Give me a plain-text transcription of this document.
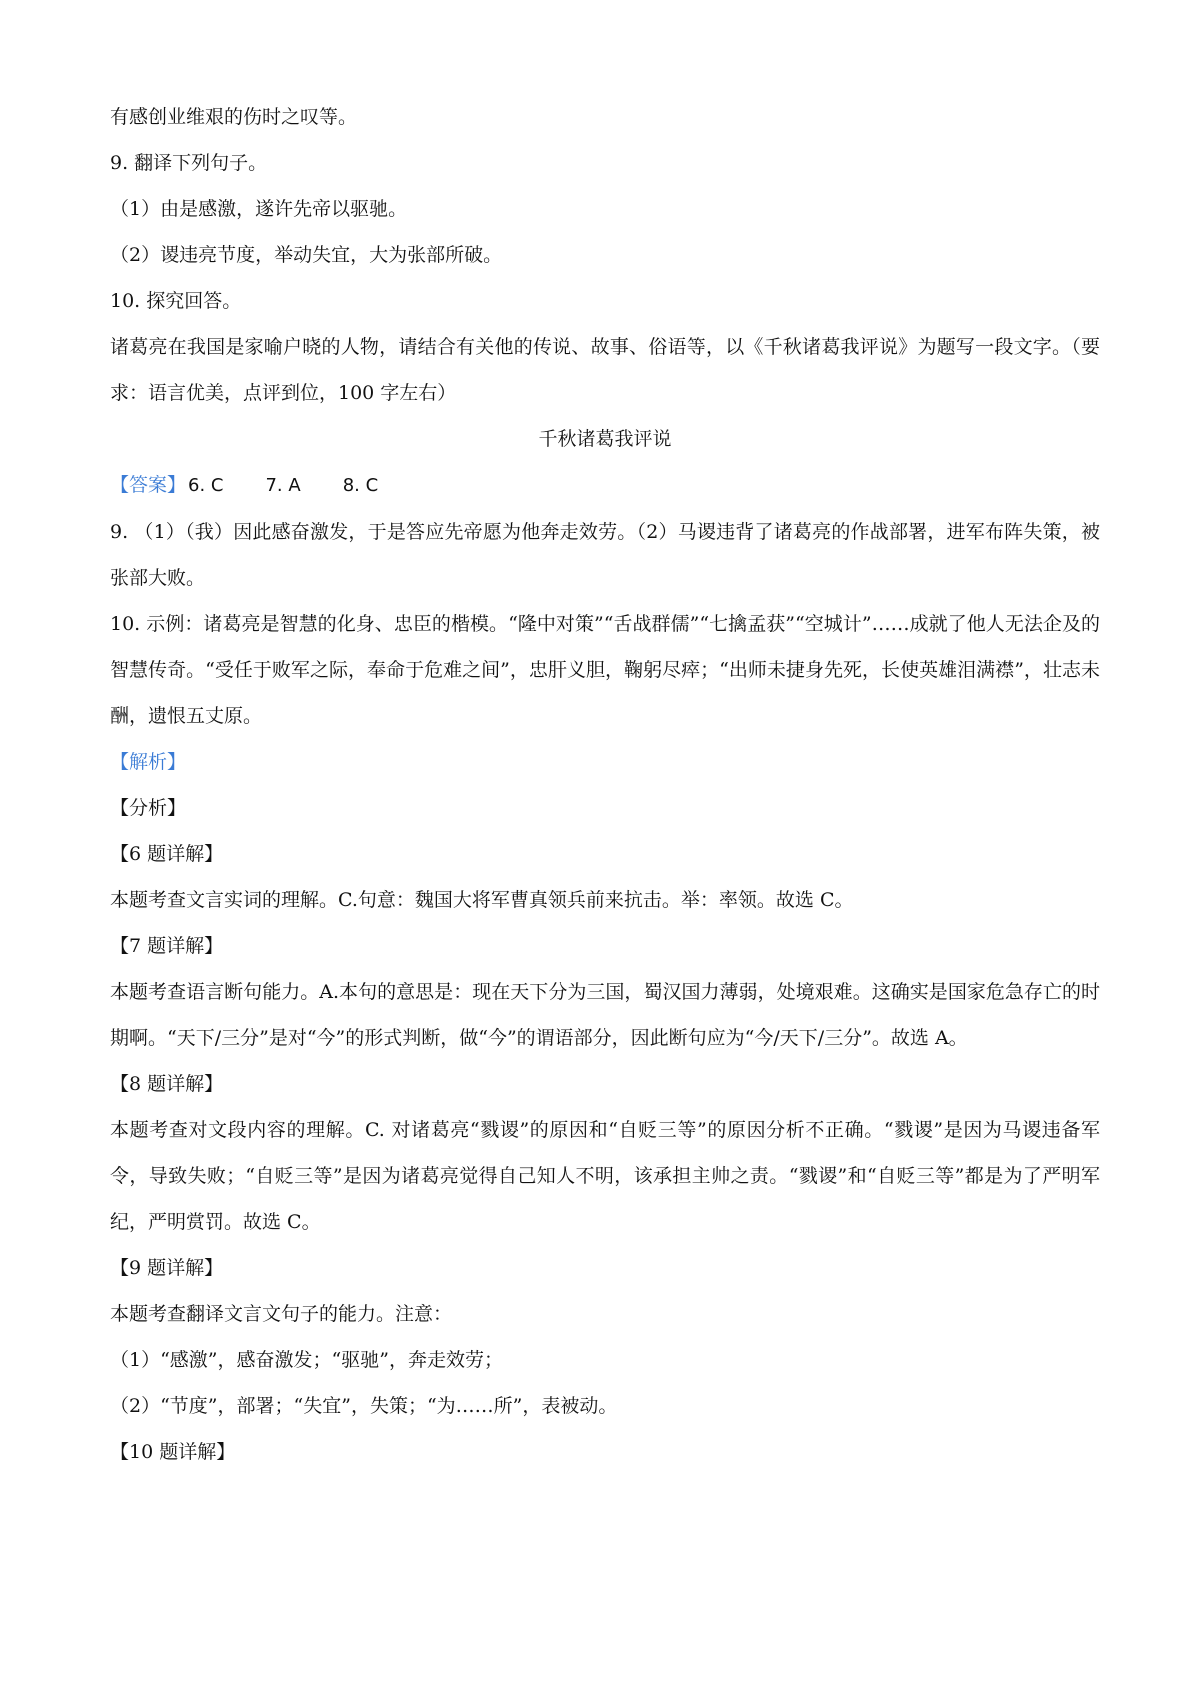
有感创业维艰的伤时之叹等。

9. 翻译下列句子。

（1）由是感激，遂许先帝以驱驰。

（2）谡违亮节度，举动失宜，大为张部所破。

10. 探究回答。

诸葛亮在我国是家喻户晓的人物，请结合有关他的传说、故事、俗语等，以《千秋诸葛我评说》为题写一段文字。（要求：语言优美，点评到位，100 字左右）

千秋诸葛我评说

【答案】 6. C 7. A 8. C

9. （1）（我）因此感奋激发，于是答应先帝愿为他奔走效劳。（2）马谡违背了诸葛亮的作战部署，进军布阵失策，被张部大败。

10. 示例：诸葛亮是智慧的化身、忠臣的楷模。“隆中对策”“舌战群儒”“七擒孟获”“空城计”……成就了他人无法企及的智慧传奇。“受任于败军之际，奉命于危难之间”，忠肝义胆，鞠躬尽瘁；“出师未捷身先死，长使英雄泪满襟”，壮志未酬，遗恨五丈原。

【解析】

【分析】

【6 题详解】

本题考查文言实词的理解。C.句意：魏国大将军曹真领兵前来抗击。举：率领。故选 C。

【7 题详解】

本题考查语言断句能力。A.本句的意思是：现在天下分为三国，蜀汉国力薄弱，处境艰难。这确实是国家危急存亡的时期啊。“天下/三分”是对“今”的形式判断，做“今”的谓语部分，因此断句应为“今/天下/三分”。故选 A。

【8 题详解】

本题考查对文段内容的理解。C. 对诸葛亮“戮谡”的原因和“自贬三等”的原因分析不正确。“戮谡”是因为马谡违备军令，导致失败；“自贬三等”是因为诸葛亮觉得自己知人不明，该承担主帅之责。“戮谡”和“自贬三等”都是为了严明军纪，严明赏罚。故选 C。

【9 题详解】

本题考查翻译文言文句子的能力。注意：

（1）“感激”，感奋激发；“驱驰”，奔走效劳；

（2）“节度”，部署；“失宜”，失策；“为……所”，表被动。

【10 题详解】
